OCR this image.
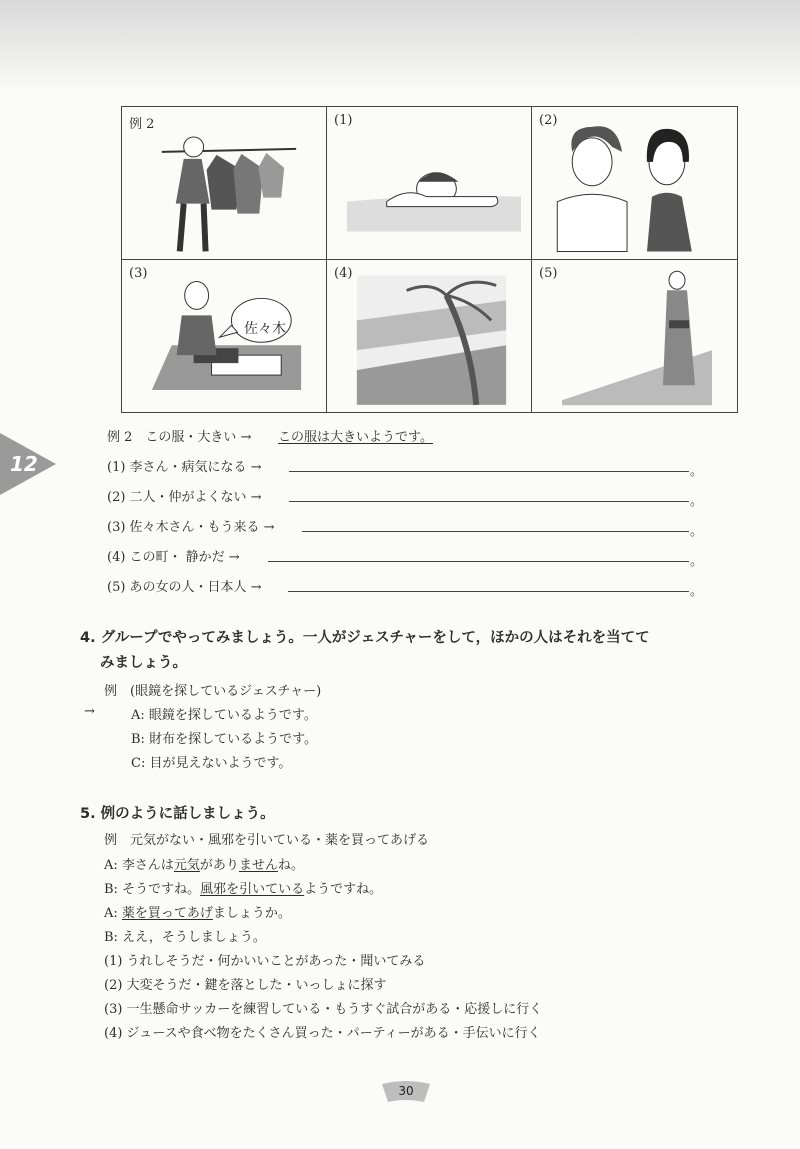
例 2	(1)	(2)
(3)
佐々木
(4)	(5)
12
例 2　この服・大きい → この服は大きいようです。
(1) 李さん・病気になる →	。
(2) 二人・仲がよくない →	。
(3) 佐々木さん・もう来る →	。
(4) この町・ 静かだ →	。
(5) あの女の人・日本人 →	。
4. グループでやってみましょう。一人がジェスチャーをして，ほかの人はそれを当てて
みましょう。
例　(眼鏡を探しているジェスチャー)
→	A: 眼鏡を探しているようです。
B: 財布を探しているようです。
C: 目が見えないようです。
5. 例のように話しましょう。
例　元気がない・風邪を引いている・薬を買ってあげる
A: 李さんは元気がありませんね。
B: そうですね。風邪を引いているようですね。
A: 薬を買ってあげましょうか。
B: ええ，そうしましょう。
(1) うれしそうだ・何かいいことがあった・聞いてみる
(2) 大変そうだ・鍵を落とした・いっしょに探す
(3) 一生懸命サッカーを練習している・もうすぐ試合がある・応援しに行く
(4) ジュースや食べ物をたくさん買った・パーティーがある・手伝いに行く
30
